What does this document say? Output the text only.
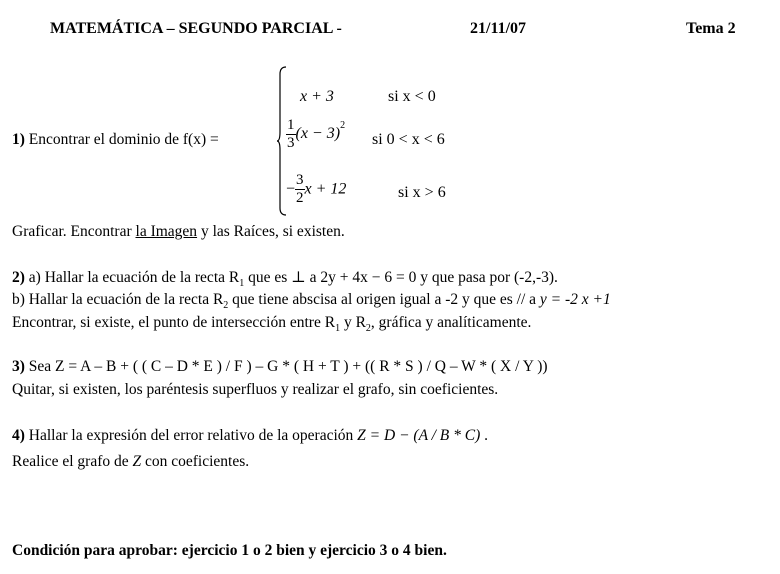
MATEMÁTICA – SEGUNDO PARCIAL -	21/11/07	Tema 2
1) Encontrar el dominio de f(x) =
x + 3	si x < 0
$\frac{1}{3} (x - 3)^2$
si 0 < x < 6
− $\frac{3}{2}$ x + 12	si x > 6
Graficar. Encontrar la Imagen y las Raíces, si existen.
2) a) Hallar la ecuación de la recta $R_1$ que es ⊥ a 2y + 4x − 6 = 0 y que pasa por (-2,-3).
b) Hallar la ecuación de la recta $R_2$ que tiene abscisa al origen igual a -2 y que es // a y = -2 x +1
Encontrar, si existe, el punto de intersección entre $R_1$ y $R_2$, gráfica y analíticamente.
3) Sea Z = A – B + ( ( C – D * E ) / F ) – G * ( H + T ) + (( R * S ) / Q – W * ( X / Y ))
Quitar, si existen, los paréntesis superfluos y realizar el grafo, sin coeficientes.
4) Hallar la expresión del error relativo de la operación Z = D − (A / B * C) .
Realice el grafo de Z con coeficientes.
Condición para aprobar: ejercicio 1 o 2 bien y ejercicio 3 o 4 bien.
